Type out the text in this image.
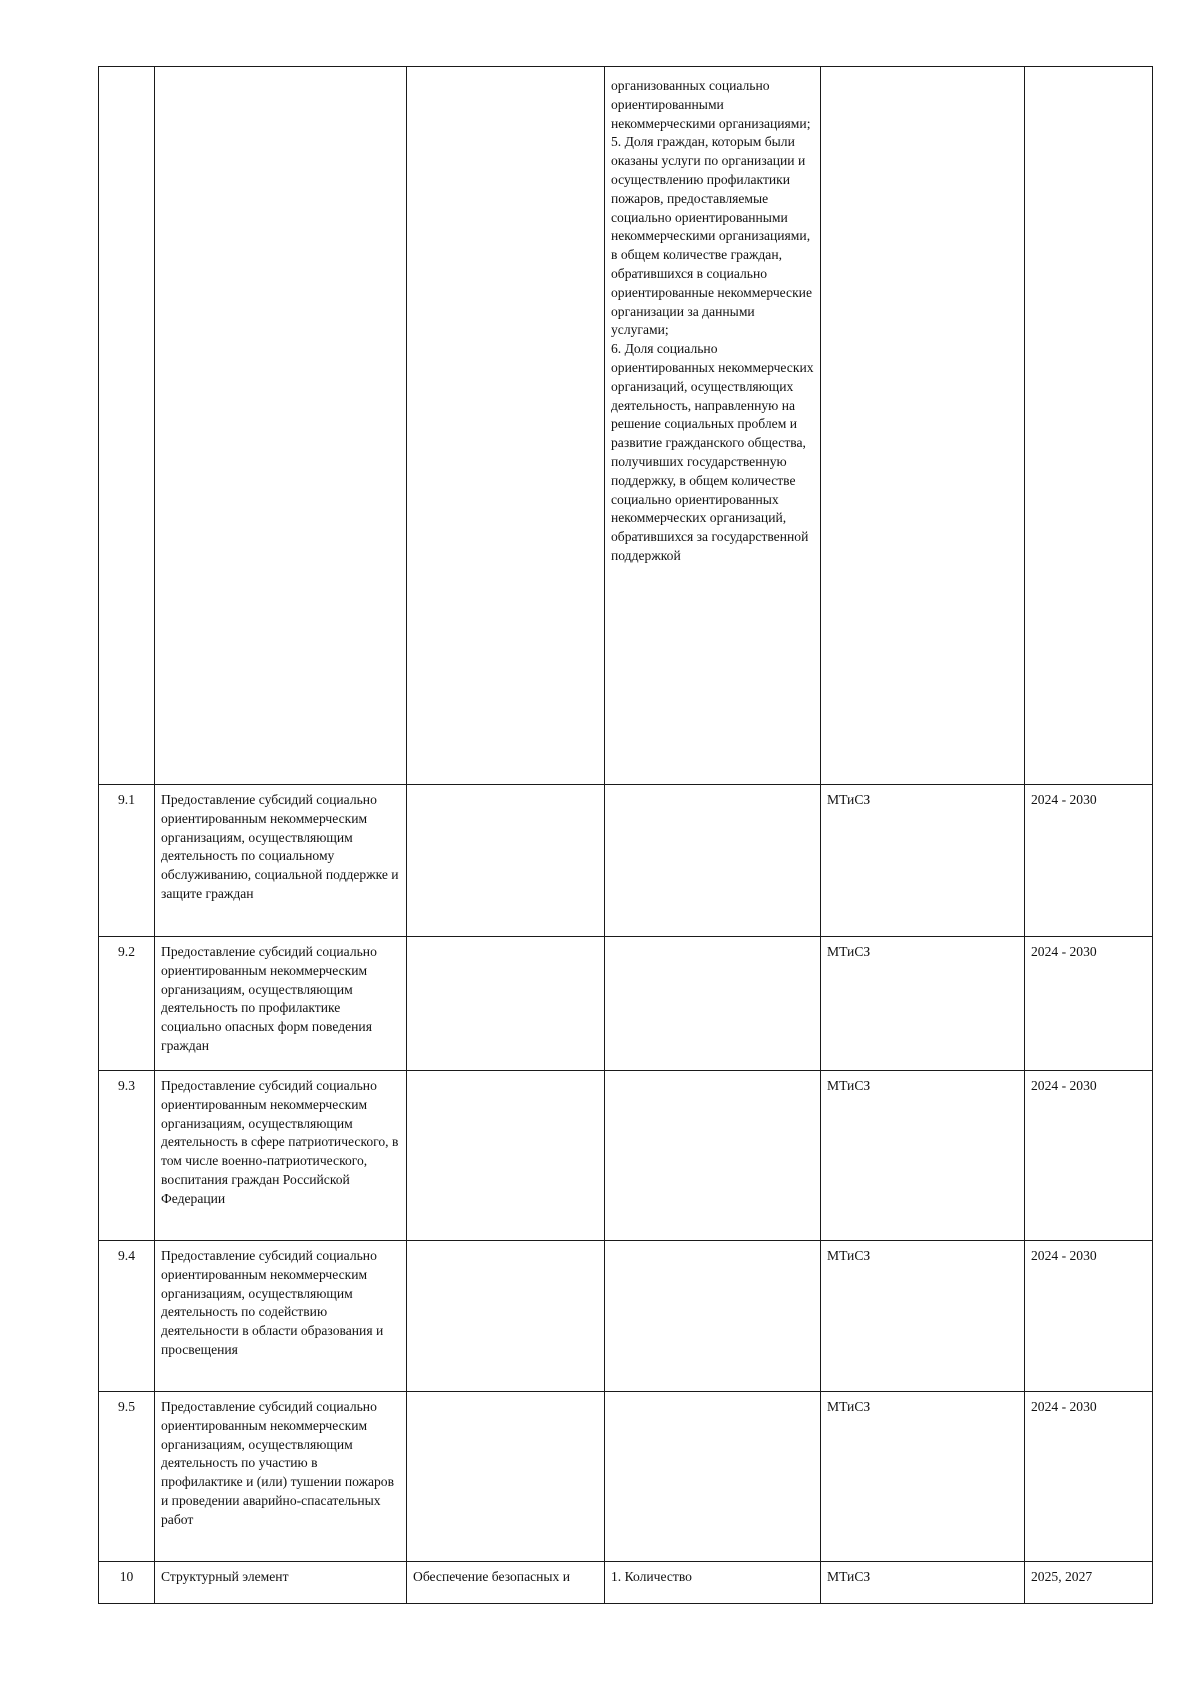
			организованных социально ориентированными некоммерческими организациями;
5. Доля граждан, которым были оказаны услуги по организации и осуществлению профилактики пожаров, предоставляемые социально ориентированными некоммерческими организациями, в общем количестве граждан, обратившихся в социально ориентированные некоммерческие организации за данными услугами;
6. Доля социально ориентированных некоммерческих организаций, осуществляющих деятельность, направленную на решение социальных проблем и развитие гражданского общества, получивших государственную поддержку, в общем количестве социально ориентированных некоммерческих организаций, обратившихся за государственной поддержкой		
9.1	Предоставление субсидий социально ориентированным некоммерческим организациям, осуществляющим деятельность по социальному обслуживанию, социальной поддержке и защите граждан			МТиСЗ	2024 - 2030
9.2	Предоставление субсидий социально ориентированным некоммерческим организациям, осуществляющим деятельность по профилактике социально опасных форм поведения граждан			МТиСЗ	2024 - 2030
9.3	Предоставление субсидий социально ориентированным некоммерческим организациям, осуществляющим деятельность в сфере патриотического, в том числе военно-патриотического, воспитания граждан Российской Федерации			МТиСЗ	2024 - 2030
9.4	Предоставление субсидий социально ориентированным некоммерческим организациям, осуществляющим деятельность по содействию деятельности в области образования и просвещения			МТиСЗ	2024 - 2030
9.5	Предоставление субсидий социально ориентированным некоммерческим организациям, осуществляющим деятельность по участию в профилактике и (или) тушении пожаров и проведении аварийно-спасательных работ			МТиСЗ	2024 - 2030
10	Структурный элемент	Обеспечение безопасных и	1. Количество	МТиСЗ	2025, 2027
